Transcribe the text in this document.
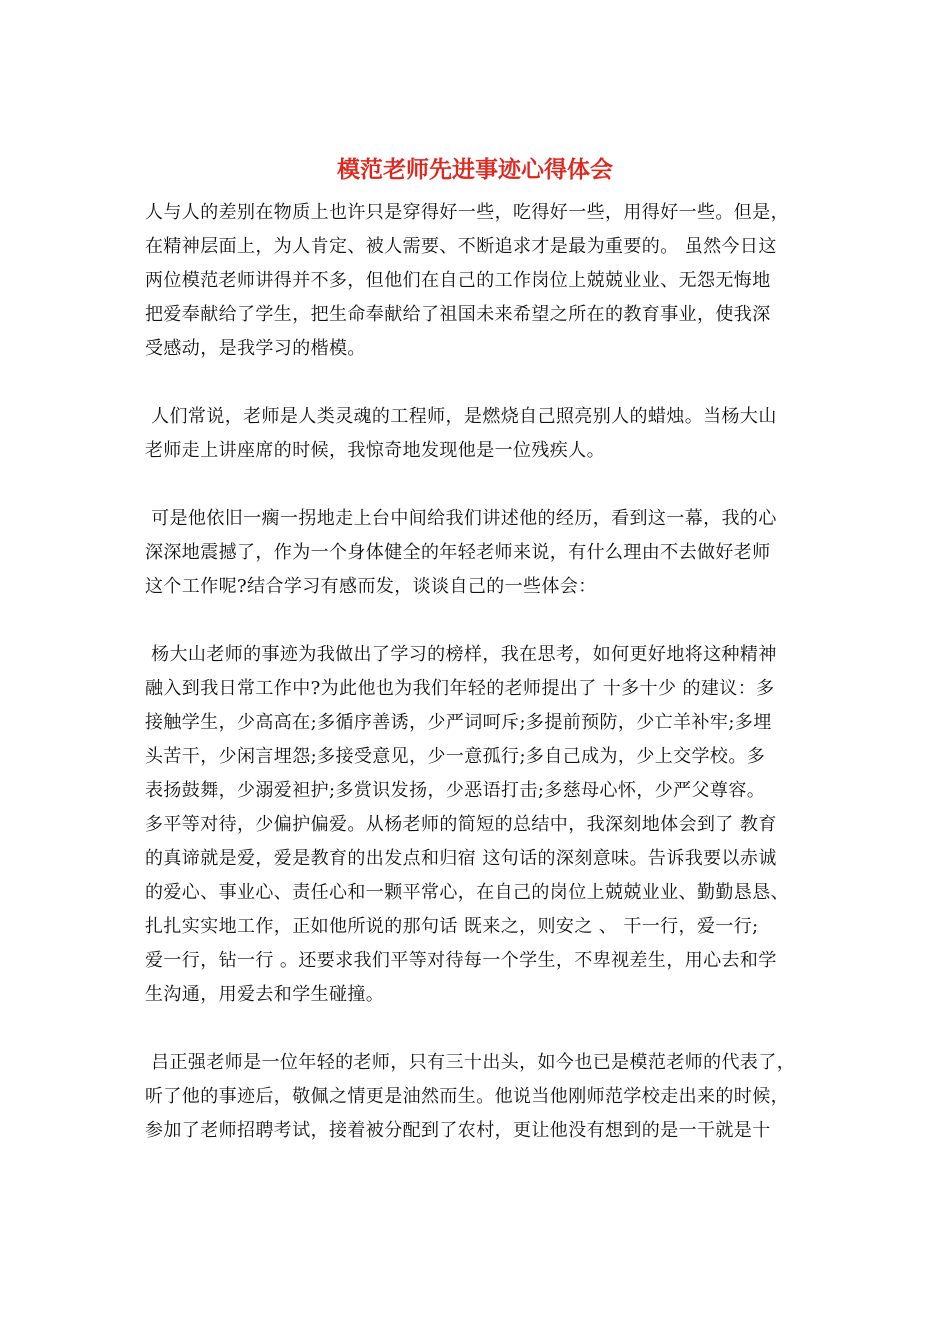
模范老师先进事迹心得体会
人与人的差别在物质上也许只是穿得好一些，吃得好一些，用得好一些。但是，
在精神层面上，为人肯定、被人需要、不断追求才是最为重要的。 虽然今日这
两位模范老师讲得并不多，但他们在自己的工作岗位上兢兢业业、无怨无悔地
把爱奉献给了学生，把生命奉献给了祖国未来希望之所在的教育事业，使我深
受感动，是我学习的楷模。
人们常说，老师是人类灵魂的工程师，是燃烧自己照亮别人的蜡烛。当杨大山
老师走上讲座席的时候，我惊奇地发现他是一位残疾人。
可是他依旧一瘸一拐地走上台中间给我们讲述他的经历，看到这一幕，我的心
深深地震撼了，作为一个身体健全的年轻老师来说，有什么理由不去做好老师
这个工作呢?结合学习有感而发，谈谈自己的一些体会：
杨大山老师的事迹为我做出了学习的榜样，我在思考，如何更好地将这种精神
融入到我日常工作中?为此他也为我们年轻的老师提出了 十多十少 的建议：多
接触学生，少高高在;多循序善诱，少严词呵斥;多提前预防，少亡羊补牢;多埋
头苦干，少闲言埋怨;多接受意见，少一意孤行;多自己成为，少上交学校。多
表扬鼓舞，少溺爱袒护;多赏识发扬，少恶语打击;多慈母心怀，少严父尊容。
多平等对待，少偏护偏爱。从杨老师的简短的总结中，我深刻地体会到了 教育
的真谛就是爱，爱是教育的出发点和归宿 这句话的深刻意味。告诉我要以赤诚
的爱心、事业心、责任心和一颗平常心，在自己的岗位上兢兢业业、勤勤恳恳、
扎扎实实地工作，正如他所说的那句话 既来之，则安之 、 干一行，爱一行;
爱一行，钻一行 。还要求我们平等对待每一个学生，不卑视差生，用心去和学
生沟通，用爱去和学生碰撞。
吕正强老师是一位年轻的老师，只有三十出头，如今也已是模范老师的代表了，
听了他的事迹后，敬佩之情更是油然而生。他说当他刚师范学校走出来的时候，
参加了老师招聘考试，接着被分配到了农村，更让他没有想到的是一干就是十
